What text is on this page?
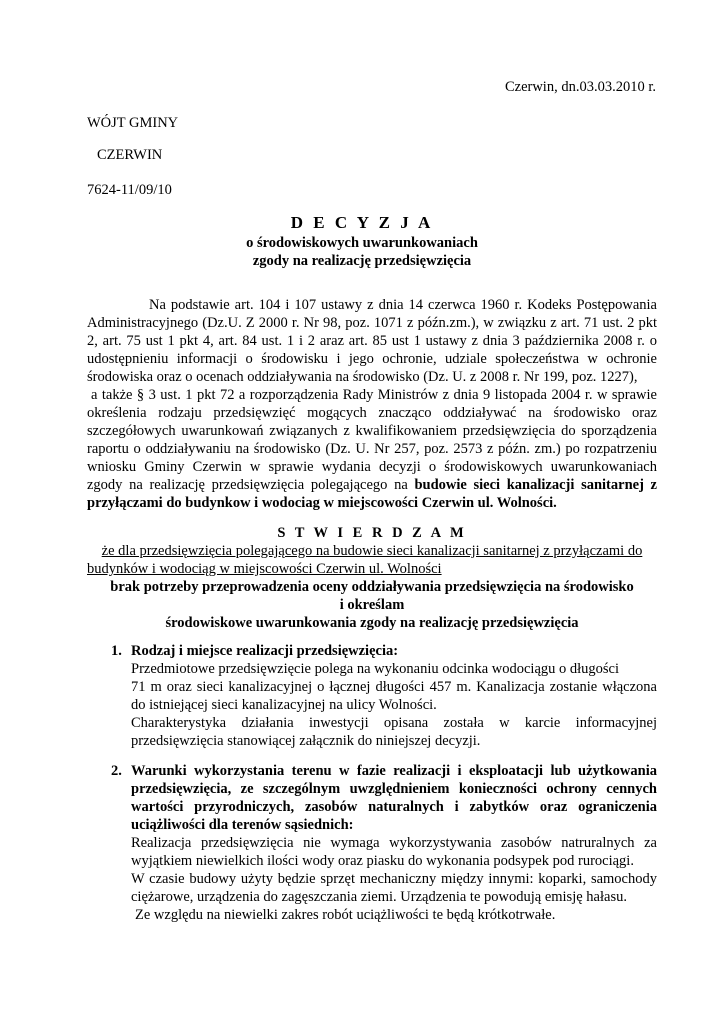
Czerwin, dn.03.03.2010 r.
WÓJT GMINY
CZERWIN
7624-11/09/10
D E C Y Z J A
o środowiskowych uwarunkowaniach
zgody na realizację przedsięwzięcia
Na podstawie art. 104 i 107 ustawy z dnia 14 czerwca 1960 r. Kodeks Postępowania
Administracyjnego (Dz.U. Z 2000 r. Nr 98, poz. 1071 z późn.zm.), w związku z art. 71 ust. 2 pkt
2, art. 75 ust 1 pkt 4, art. 84 ust. 1 i 2 araz art. 85 ust 1 ustawy z dnia 3 października 2008 r. o
udostępnieniu informacji o środowisku i jego ochronie, udziale społeczeństwa w ochronie
środowiska oraz o ocenach oddziaływania na środowisko (Dz. U. z 2008 r. Nr 199, poz. 1227),
a także § 3 ust. 1 pkt 72 a rozporządzenia Rady Ministrów z dnia 9 listopada 2004 r. w sprawie
określenia rodzaju przedsięwzięć mogących znacząco oddziaływać na środowisko oraz
szczegółowych uwarunkowań związanych z kwalifikowaniem przedsięwzięcia do sporządzenia
raportu o oddziaływaniu na środowisko (Dz. U. Nr 257, poz. 2573 z późn. zm.) po rozpatrzeniu
wniosku Gminy Czerwin w sprawie wydania decyzji o środowiskowych uwarunkowaniach
zgody na realizację przedsięwzięcia polegającego na budowie sieci kanalizacji sanitarnej z
przyłączami do budynkow i wodociag w miejscowości Czerwin ul. Wolności.
S T W I E R D Z A M
że dla przedsięwzięcia polegającego na budowie sieci kanalizacji sanitarnej z przyłączami do
budynków i wodociąg w miejscowości Czerwin ul. Wolności
brak potrzeby przeprowadzenia oceny oddziaływania przedsięwzięcia na środowisko
i określam
środowiskowe uwarunkowania zgody na realizację przedsięwzięcia
1. Rodzaj i miejsce realizacji przedsięwzięcia:
Przedmiotowe przedsięwzięcie polega na wykonaniu odcinka wodociągu o długości
71 m oraz sieci kanalizacyjnej o łącznej długości 457 m. Kanalizacja zostanie włączona
do istniejącej sieci kanalizacyjnej na ulicy Wolności.
Charakterystyka działania inwestycji opisana została w karcie informacyjnej
przedsięwzięcia stanowiącej załącznik do niniejszej decyzji.
2. Warunki wykorzystania terenu w fazie realizacji i eksploatacji lub użytkowania
przedsięwzięcia, ze szczególnym uwzględnieniem konieczności ochrony cennych
wartości przyrodniczych, zasobów naturalnych i zabytków oraz ograniczenia
uciążliwości dla terenów sąsiednich:
Realizacja przedsięwzięcia nie wymaga wykorzystywania zasobów natruralnych za
wyjątkiem niewielkich ilości wody oraz piasku do wykonania podsypek pod rurociągi.
W czasie budowy użyty będzie sprzęt mechaniczny między innymi: koparki, samochody
ciężarowe, urządzenia do zagęszczania ziemi. Urządzenia te powodują emisję hałasu.
Ze względu na niewielki zakres robót uciążliwości te będą krótkotrwałe.
